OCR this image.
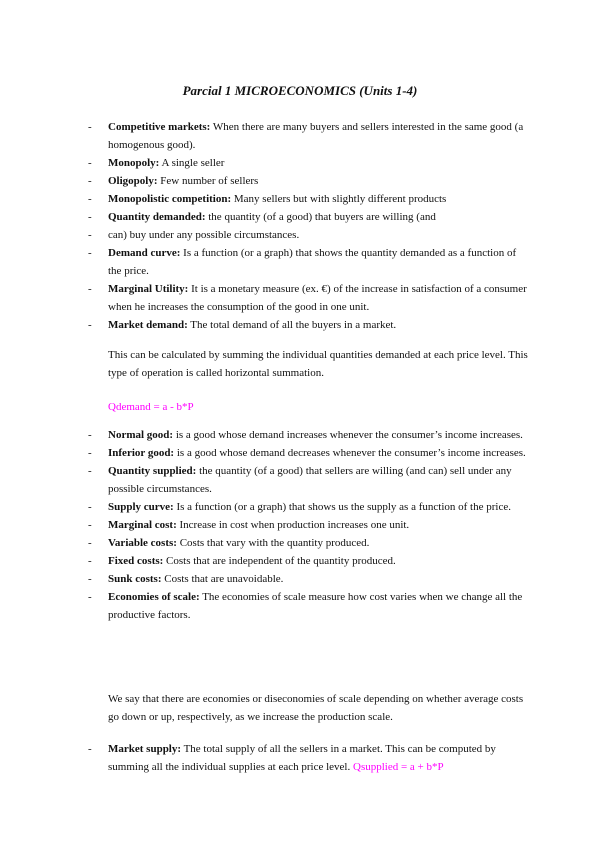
Parcial 1 MICROECONOMICS (Units 1-4)
- Competitive markets: When there are many buyers and sellers interested in the same good (a homogenous good).
- Monopoly: A single seller
- Oligopoly: Few number of sellers
- Monopolistic competition: Many sellers but with slightly different products
- Quantity demanded: the quantity (of a good) that buyers are willing (and
- can) buy under any possible circumstances.
- Demand curve: Is a function (or a graph) that shows the quantity demanded as a function of the price.
- Marginal Utility: It is a monetary measure (ex. €) of the increase in satisfaction of a consumer when he increases the consumption of the good in one unit.
- Market demand: The total demand of all the buyers in a market.

This can be calculated by summing the individual quantities demanded at each price level. This type of operation is called horizontal summation.

Qdemand = a - b*P

- Normal good: is a good whose demand increases whenever the consumer’s income increases.
- Inferior good: is a good whose demand decreases whenever the consumer’s income increases.
- Quantity supplied: the quantity (of a good) that sellers are willing (and can) sell under any possible circumstances.
- Supply curve: Is a function (or a graph) that shows us the supply as a function of the price.
- Marginal cost: Increase in cost when production increases one unit.
- Variable costs: Costs that vary with the quantity produced.
- Fixed costs: Costs that are independent of the quantity produced.
- Sunk costs: Costs that are unavoidable.
- Economies of scale: The economies of scale measure how cost varies when we change all the productive factors.

We say that there are economies or diseconomies of scale depending on whether average costs go down or up, respectively, as we increase the production scale.

- Market supply: The total supply of all the sellers in a market. This can be computed by summing all the individual supplies at each price level. Qsupplied = a + b*P
